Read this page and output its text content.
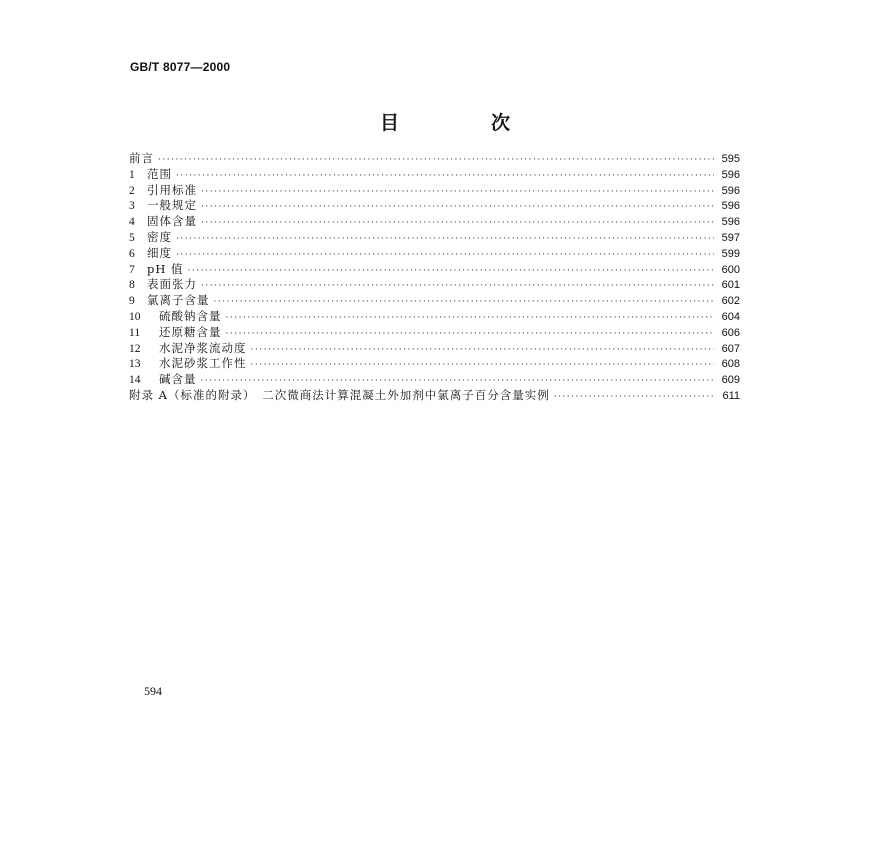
GB/T 8077—2000
目	次
前言 ·····	595
1	范围 ·····	596
2	引用标准 ·····	596
3	一般规定 ·····	596
4	固体含量 ·····	596
5	密度 ·····	597
6	细度 ·····	599
7	pH 值 ·····	600
8	表面张力 ·····	601
9	氯离子含量 ·····	602
10	硫酸钠含量 ·····	604
11	还原糖含量 ·····	606
12	水泥净浆流动度 ·····	607
13	水泥砂浆工作性 ·····	608
14	碱含量 ·····	609
附录 A（标准的附录）　二次微商法计算混凝土外加剂中氯离子百分含量实例 ·····	611
594
